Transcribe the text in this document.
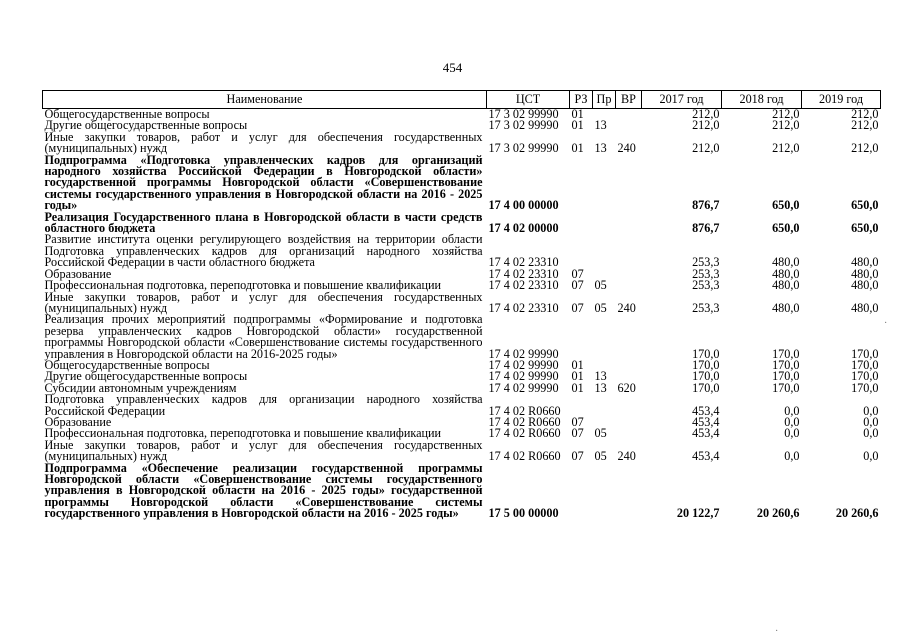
454
Наименование	ЦСТ	РЗ	Пр	ВР	2017 год	2018 год	2019 год
Общегосударственные вопросы	17 3 02 99990	01			212,0	212,0	212,0
Другие общегосударственные вопросы	17 3 02 99990	01	13		212,0	212,0	212,0
Иные закупки товаров, работ и услуг для обеспечения государственных (муниципальных) нужд	17 3 02 99990	01	13	240	212,0	212,0	212,0
Подпрограмма «Подготовка управленческих кадров для организаций народного хозяйства Российской Федерации в Новгородской области» государственной программы Новгородской области «Совершенствование системы государственного управления в Новгородской области на 2016 - 2025 годы»	17 4 00 00000				876,7	650,0	650,0
Реализация Государственного плана в Новгородской области в части средств областного бюджета	17 4 02 00000				876,7	650,0	650,0
Развитие института оценки регулирующего воздействия на территории области Подготовка управленческих кадров для организаций народного хозяйства Российской Федерации в части областного бюджета	17 4 02 23310				253,3	480,0	480,0
Образование	17 4 02 23310	07			253,3	480,0	480,0
Профессиональная подготовка, переподготовка и повышение квалификации	17 4 02 23310	07	05		253,3	480,0	480,0
Иные закупки товаров, работ и услуг для обеспечения государственных (муниципальных) нужд	17 4 02 23310	07	05	240	253,3	480,0	480,0
Реализация прочих мероприятий подпрограммы «Формирование и подготовка резерва управленческих кадров Новгородской области» государственной программы Новгородской области «Совершенствование системы государственного управления в Новгородской области на 2016-2025 годы»	17 4 02 99990				170,0	170,0	170,0
Общегосударственные вопросы	17 4 02 99990	01			170,0	170,0	170,0
Другие общегосударственные вопросы	17 4 02 99990	01	13		170,0	170,0	170,0
Субсидии автономным учреждениям	17 4 02 99990	01	13	620	170,0	170,0	170,0
Подготовка управленческих кадров для организации народного хозяйства Российской Федерации	17 4 02 R0660				453,4	0,0	0,0
Образование	17 4 02 R0660	07			453,4	0,0	0,0
Профессиональная подготовка, переподготовка и повышение квалификации	17 4 02 R0660	07	05		453,4	0,0	0,0
Иные закупки товаров, работ и услуг для обеспечения государственных (муниципальных) нужд	17 4 02 R0660	07	05	240	453,4	0,0	0,0
Подпрограмма «Обеспечение реализации государственной программы Новгородской области «Совершенствование системы государственного управления в Новгородской области на 2016 - 2025 годы» государственной программы Новгородской области «Совершенствование системы государственного управления в Новгородской области на 2016 - 2025 годы»	17 5 00 00000				20 122,7	20 260,6	20 260,6
·
·
